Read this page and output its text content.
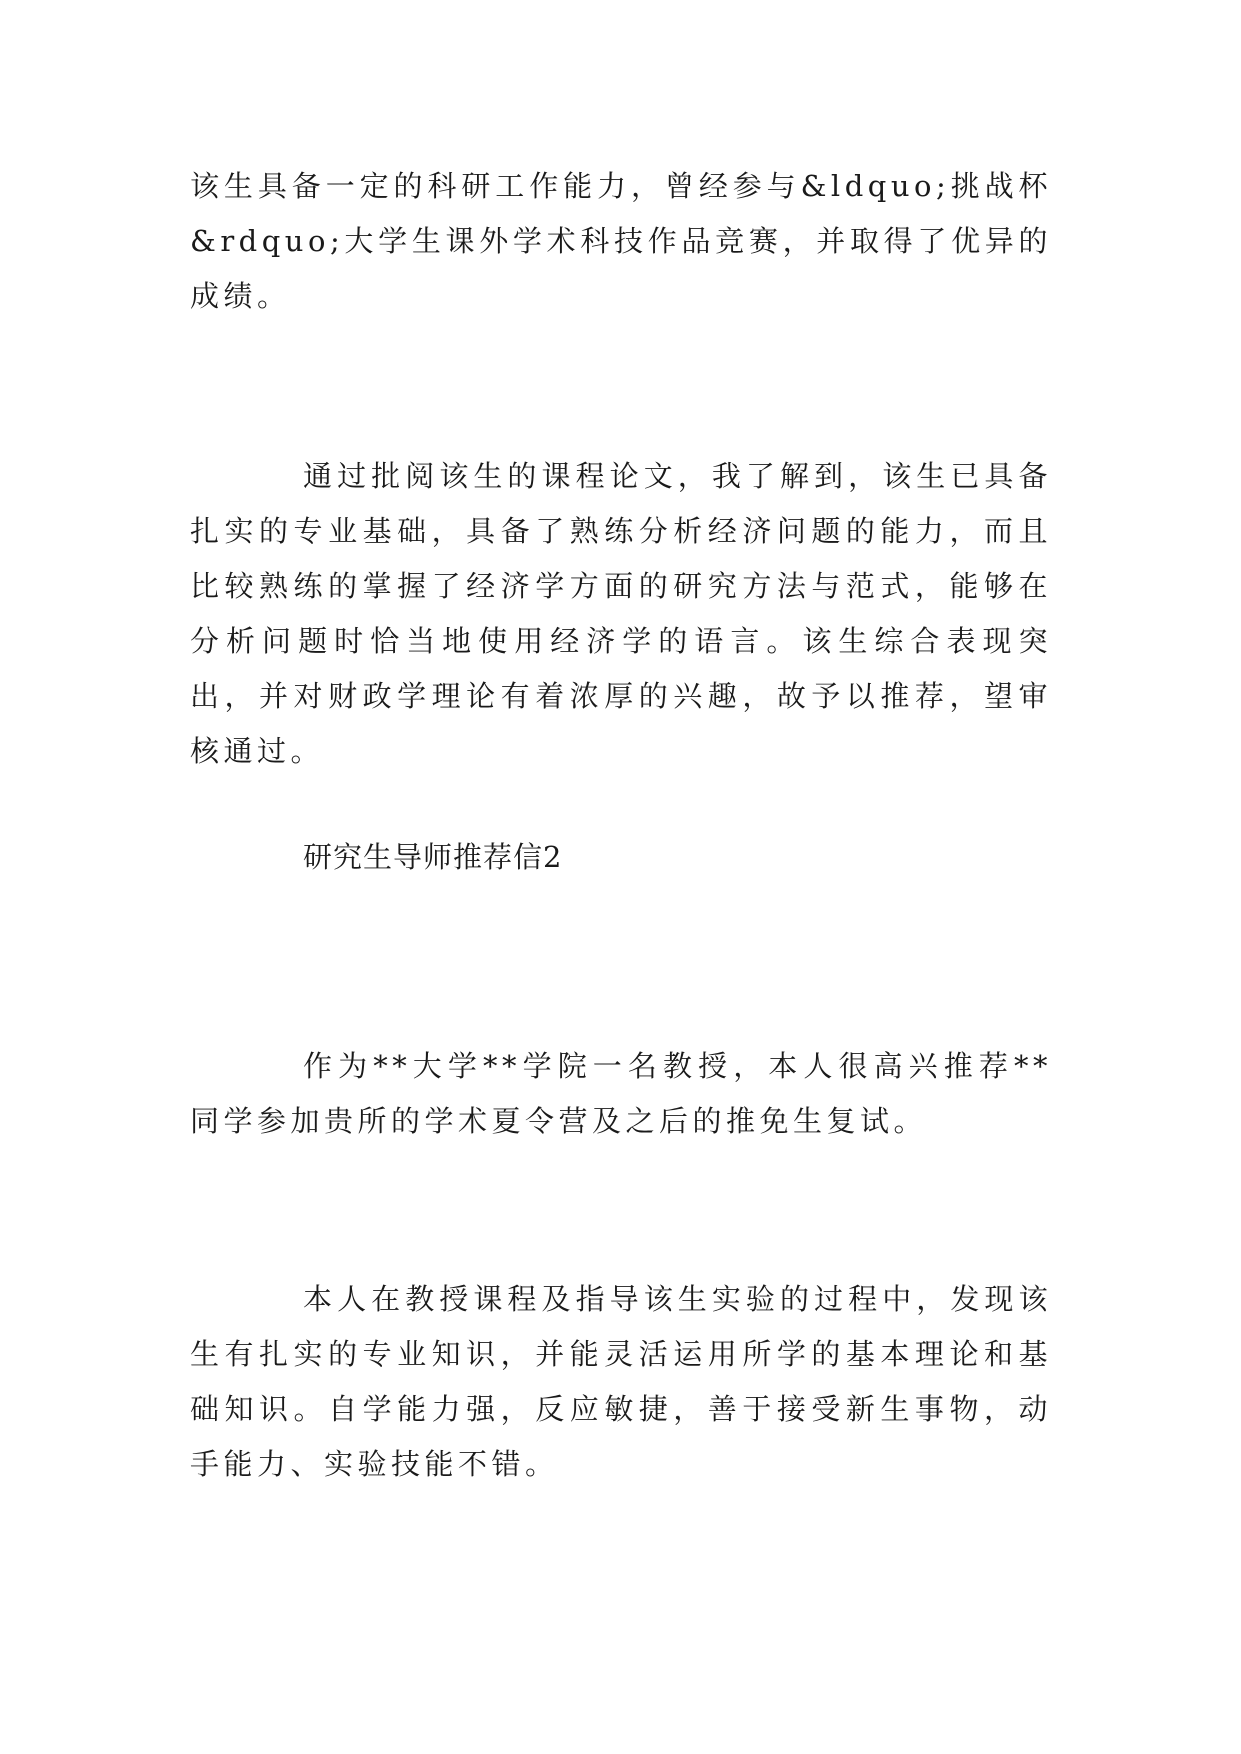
该生具备一定的科研工作能力，曾经参与&ldquo;挑战杯&rdquo;大学生课外学术科技作品竞赛，并取得了优异的成绩。

通过批阅该生的课程论文，我了解到，该生已具备扎实的专业基础，具备了熟练分析经济问题的能力，而且比较熟练的掌握了经济学方面的研究方法与范式，能够在分析问题时恰当地使用经济学的语言。该生综合表现突出，并对财政学理论有着浓厚的兴趣，故予以推荐，望审核通过。

研究生导师推荐信2

作为**大学**学院一名教授，本人很高兴推荐**同学参加贵所的学术夏令营及之后的推免生复试。

本人在教授课程及指导该生实验的过程中，发现该生有扎实的专业知识，并能灵活运用所学的基本理论和基础知识。自学能力强，反应敏捷，善于接受新生事物，动手能力、实验技能不错。
